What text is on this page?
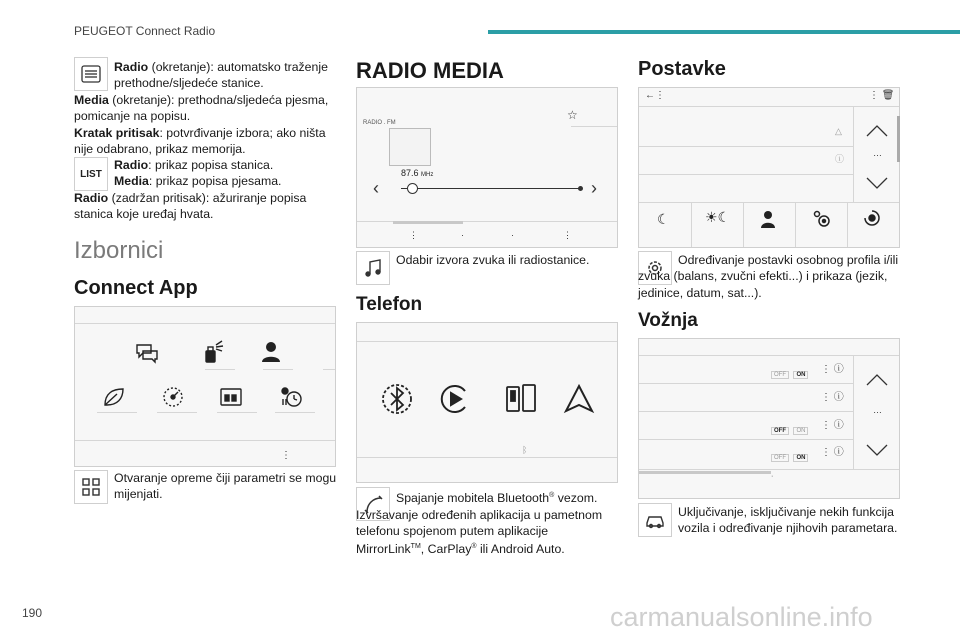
PEUGEOT Connect Radio
Radio (okretanje): automatsko traženje prethodne/sljedeće stanice.
Media (okretanje): prethodna/sljedeća pjesma, pomicanje na popisu.
Kratak pritisak: potvrđivanje izbora; ako ništa nije odabrano, prikaz memorija.
LIST
Radio: prikaz popisa stanica.
Media: prikaz popisa pjesama.
Radio (zadržan pritisak): ažuriranje popisa stanica koje uređaj hvata.
Izbornici
Connect App
⋮
Otvaranje opreme čiji parametri se mogu mijenjati.
RADIO MEDIA
RADIO . FM
87.6 MHz
☆
‹	›
⋮	·	·	⋮
Odabir izvora zvuka ili radiostanice.
Telefon
ᛒ
Spajanje mobitela Bluetooth® vezom. Izvršavanje određenih aplikacija u pametnom telefonu spojenom putem aplikacije MirrorLink™, CarPlay® ili Android Auto.
Postavke
←⋮	⋮ 🗑
△
ⓘ
…
☾	☀☾
Određivanje postavki osobnog profila i/ili zvuka (balans, zvučni efekti...) i prikaza (jezik, jedinice, datum, sat...).
Vožnja
OFF ON	⋮ ⓘ
⋮ ⓘ
OFF ON	⋮ ⓘ
OFF ON	⋮ ⓘ
…
·
Uključivanje, isključivanje nekih funkcija vozila i određivanje njihovih parametara.
190	carmanualsonline.info
